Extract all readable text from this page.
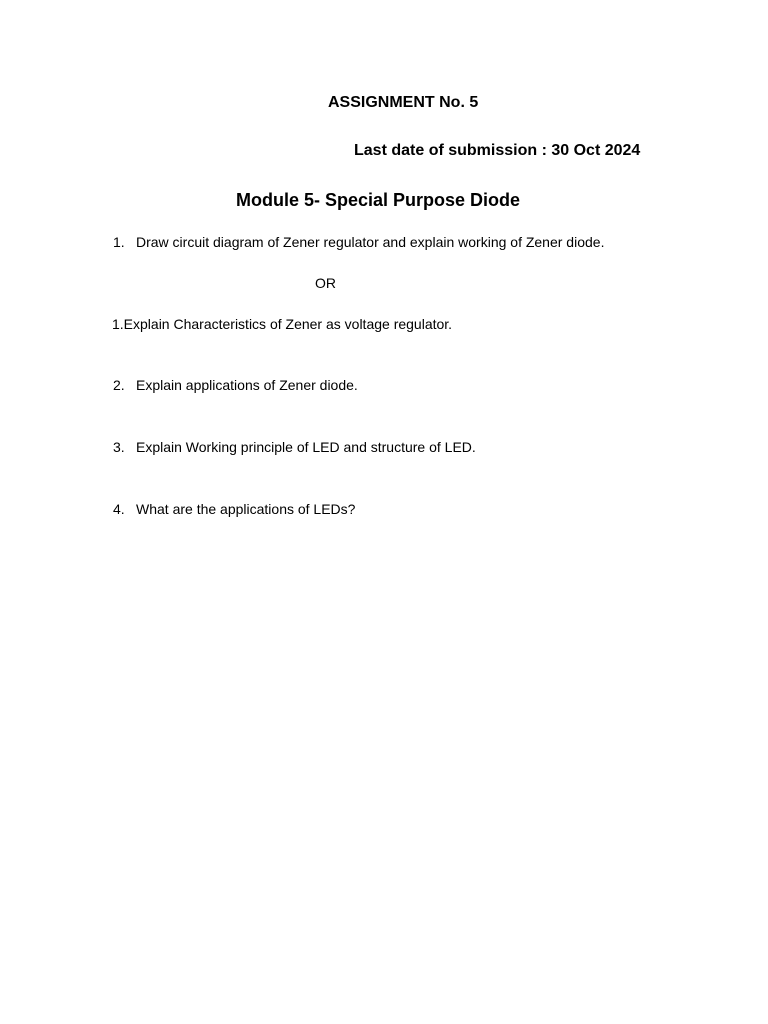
ASSIGNMENT No. 5
Last date of submission : 30 Oct 2024
Module 5- Special Purpose Diode
1. Draw circuit diagram of Zener regulator and explain working of Zener diode.
OR
1.Explain Characteristics of Zener as voltage regulator.
2. Explain applications of Zener diode.
3. Explain Working principle of LED and structure of LED.
4. What are the applications of LEDs?
